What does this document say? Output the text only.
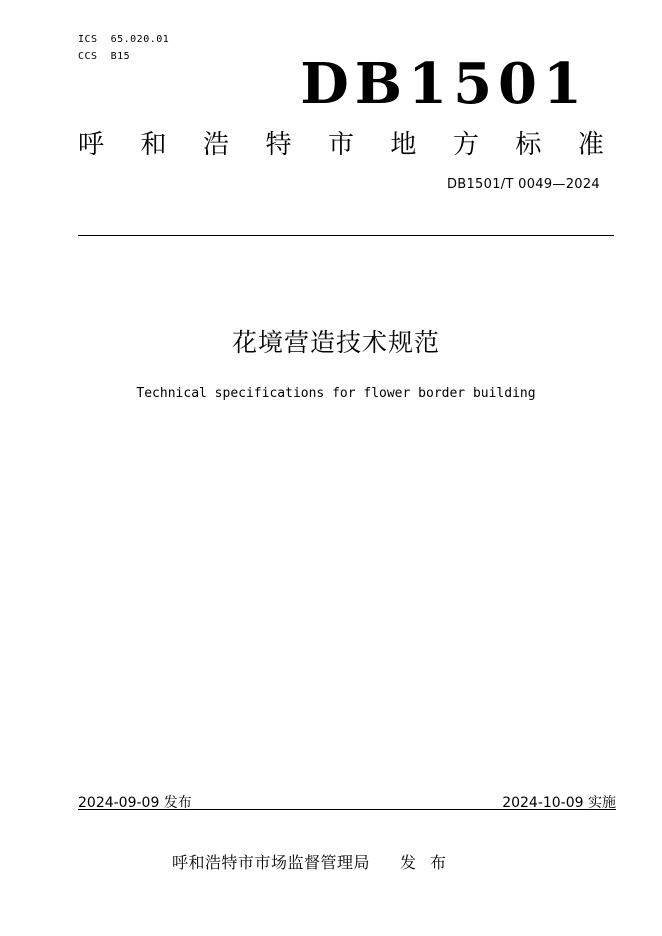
ICS  65.020.01
CCS  B15	DB1501
呼 和 浩 特 市 地 方 标 准
DB1501/T 0049—2024
花境营造技术规范
Technical specifications for flower border building
2024-09-09 发布	2024-10-09 实施
呼和浩特市市场监督管理局 发布
